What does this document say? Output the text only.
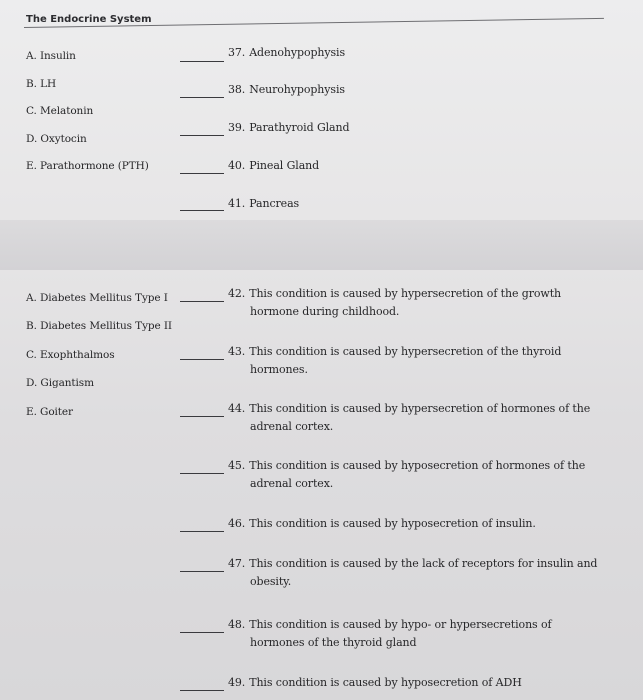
The Endocrine System
A. Insulin
B. LH
C. Melatonin
D. Oxytocin
E. Parathormone (PTH)
37. Adenohypophysis
38. Neurohypophysis
39. Parathyroid Gland
40. Pineal Gland
41. Pancreas
A. Diabetes Mellitus Type I
B. Diabetes Mellitus Type II
C. Exophthalmos
D. Gigantism
E. Goiter
42. This condition is caused by hypersecretion of the growth
hormone during childhood.
43. This condition is caused by hypersecretion of the thyroid
hormones.
44. This condition is caused by hypersecretion of hormones of the
adrenal cortex.
45. This condition is caused by hyposecretion of hormones of the
adrenal cortex.
46. This condition is caused by hyposecretion of insulin.
47. This condition is caused by the lack of receptors for insulin and
obesity.
48. This condition is caused by hypo- or hypersecretions of
hormones of the thyroid gland
49. This condition is caused by hyposecretion of ADH
